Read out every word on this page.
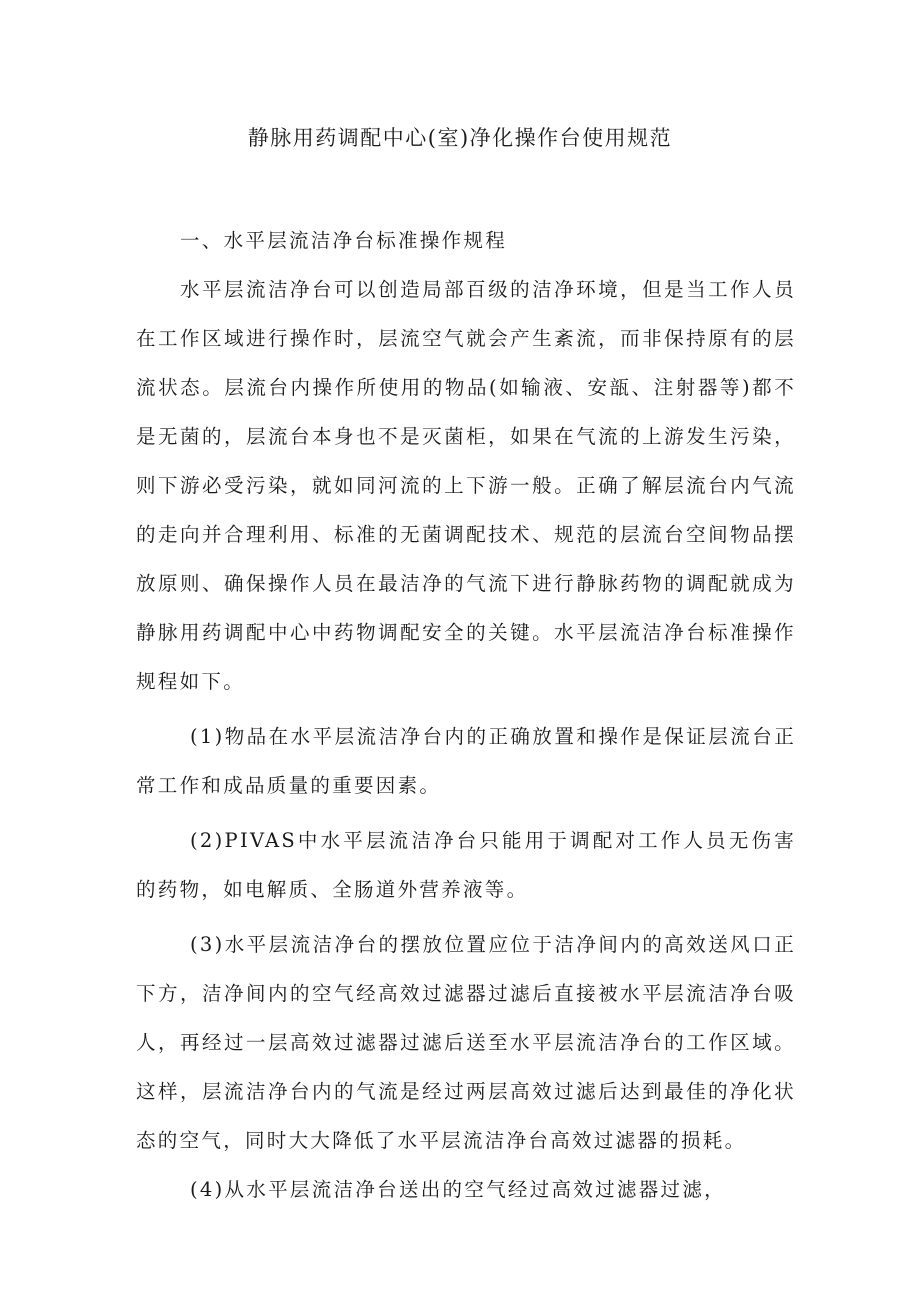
静脉用药调配中心(室)净化操作台使用规范
一、水平层流洁净台标准操作规程

水平层流洁净台可以创造局部百级的洁净环境，但是当工作人员在工作区域进行操作时，层流空气就会产生紊流，而非保持原有的层流状态。层流台内操作所使用的物品(如输液、安瓿、注射器等)都不是无菌的，层流台本身也不是灭菌柜，如果在气流的上游发生污染，则下游必受污染，就如同河流的上下游一般。正确了解层流台内气流的走向并合理利用、标准的无菌调配技术、规范的层流台空间物品摆放原则、确保操作人员在最洁净的气流下进行静脉药物的调配就成为静脉用药调配中心中药物调配安全的关键。水平层流洁净台标准操作规程如下。

(1)物品在水平层流洁净台内的正确放置和操作是保证层流台正常工作和成品质量的重要因素。

(2)PIVAS中水平层流洁净台只能用于调配对工作人员无伤害的药物，如电解质、全肠道外营养液等。

(3)水平层流洁净台的摆放位置应位于洁净间内的高效送风口正下方，洁净间内的空气经高效过滤器过滤后直接被水平层流洁净台吸人，再经过一层高效过滤器过滤后送至水平层流洁净台的工作区域。这样，层流洁净台内的气流是经过两层高效过滤后达到最佳的净化状态的空气，同时大大降低了水平层流洁净台高效过滤器的损耗。

(4)从水平层流洁净台送出的空气经过高效过滤器过滤，
